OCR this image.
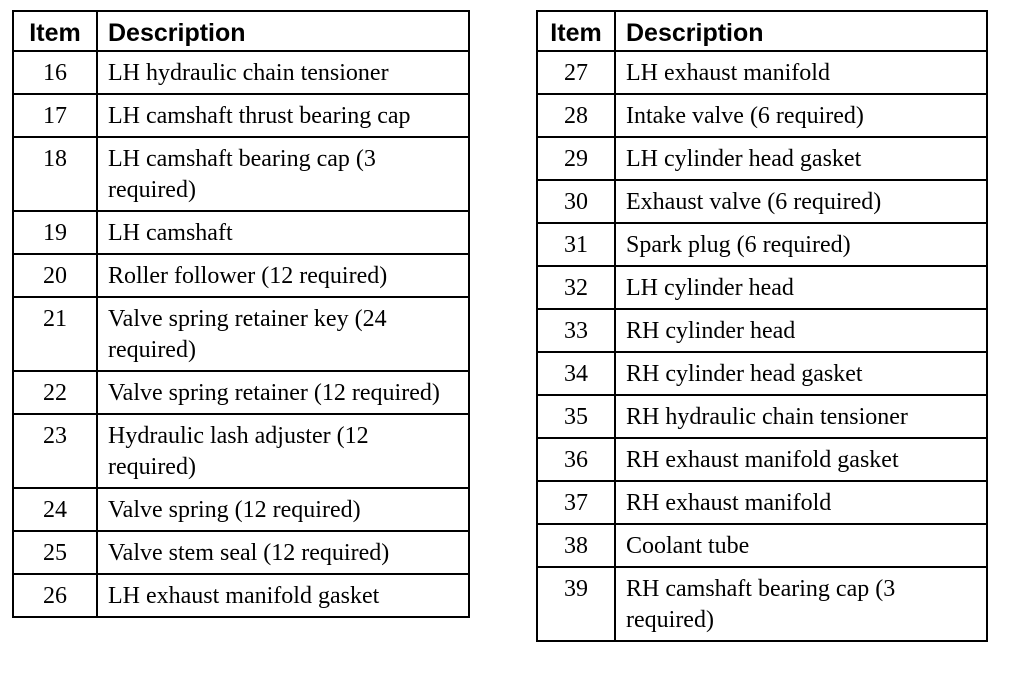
Item	Description
16	LH hydraulic chain tensioner
17	LH camshaft thrust bearing cap
18	LH camshaft bearing cap (3 required)
19	LH camshaft
20	Roller follower (12 required)
21	Valve spring retainer key (24 required)
22	Valve spring retainer (12 required)
23	Hydraulic lash adjuster (12 required)
24	Valve spring (12 required)
25	Valve stem seal (12 required)
26	LH exhaust manifold gasket
Item	Description
27	LH exhaust manifold
28	Intake valve (6 required)
29	LH cylinder head gasket
30	Exhaust valve (6 required)
31	Spark plug (6 required)
32	LH cylinder head
33	RH cylinder head
34	RH cylinder head gasket
35	RH hydraulic chain tensioner
36	RH exhaust manifold gasket
37	RH exhaust manifold
38	Coolant tube
39	RH camshaft bearing cap (3 required)
